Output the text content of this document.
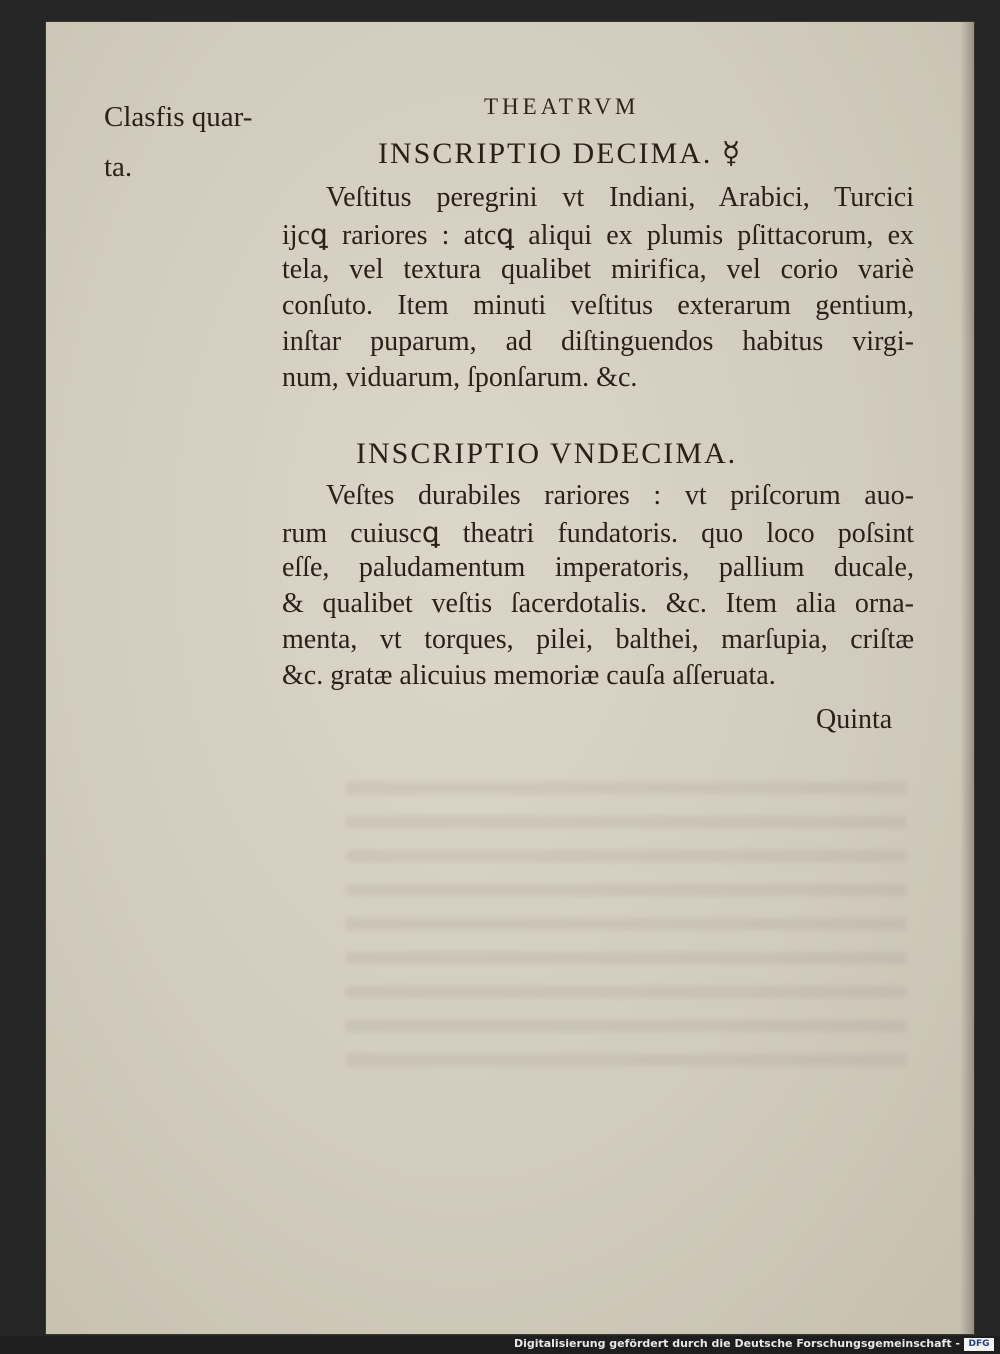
Clasfis quar-
ta.
THEATRVM
INSCRIPTIO DECIMA. ☿
Veſtitus peregrini vt Indiani, Arabici, Turcici
ijcꝗ rariores : atcꝗ aliqui ex plumis pſittacorum, ex
tela, vel textura qualibet mirifica, vel corio variè
conſuto. Item minuti veſtitus exterarum gentium,
inſtar puparum, ad diſtinguendos habitus virgi-
num, viduarum, ſponſarum. &c.
INSCRIPTIO VNDECIMA.
Veſtes durabiles rariores : vt priſcorum auo-
rum cuiuscꝗ theatri fundatoris. quo loco poſsint
eſſe, paludamentum imperatoris, pallium ducale,
& qualibet veſtis ſacerdotalis. &c. Item alia orna-
menta, vt torques, pilei, balthei, marſupia, criſtæ
&c. gratæ alicuius memoriæ cauſa aſſeruata.
Quinta
Digitalisierung gefördert durch die Deutsche Forschungsgemeinschaft - DFG
